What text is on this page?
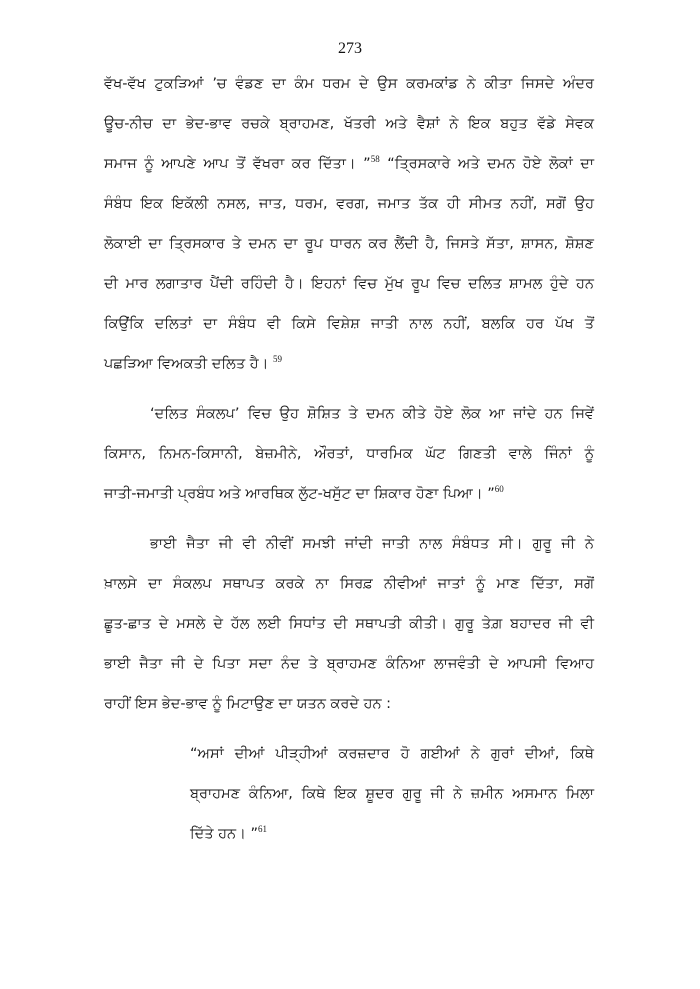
273
ਵੱਖ-ਵੱਖ ਟੁਕੜਿਆਂ ’ਚ ਵੰਡਣ ਦਾ ਕੰਮ ਧਰਮ ਦੇ ਉਸ ਕਰਮਕਾਂਡ ਨੇ ਕੀਤਾ ਜਿਸਦੇ ਅੰਦਰ
ਊਚ-ਨੀਚ ਦਾ ਭੇਦ-ਭਾਵ ਰਚਕੇ ਬ੍ਰਾਹਮਣ, ਖੱਤਰੀ ਅਤੇ ਵੈਸ਼ਾਂ ਨੇ ਇਕ ਬਹੁਤ ਵੱਡੇ ਸੇਵਕ
ਸਮਾਜ ਨੂੰ ਆਪਣੇ ਆਪ ਤੋਂ ਵੱਖਰਾ ਕਰ ਦਿੱਤਾ। ”$^{58}$ “ਤ੍ਰਿਸਕਾਰੇ ਅਤੇ ਦਮਨ ਹੋਏ ਲੋਕਾਂ ਦਾ
ਸੰਬੰਧ ਇਕ ਇਕੱਲੀ ਨਸਲ, ਜਾਤ, ਧਰਮ, ਵਰਗ, ਜਮਾਤ ਤੱਕ ਹੀ ਸੀਮਤ ਨਹੀਂ, ਸਗੋਂ ਉਹ
ਲੋਕਾਈ ਦਾ ਤ੍ਰਿਸਕਾਰ ਤੇ ਦਮਨ ਦਾ ਰੂਪ ਧਾਰਨ ਕਰ ਲੈਂਦੀ ਹੈ, ਜਿਸਤੇ ਸੱਤਾ, ਸ਼ਾਸਨ, ਸ਼ੋਸ਼ਣ
ਦੀ ਮਾਰ ਲਗਾਤਾਰ ਪੈਂਦੀ ਰਹਿੰਦੀ ਹੈ। ਇਹਨਾਂ ਵਿਚ ਮੁੱਖ ਰੂਪ ਵਿਚ ਦਲਿਤ ਸ਼ਾਮਲ ਹੁੰਦੇ ਹਨ
ਕਿਉਂਕਿ ਦਲਿਤਾਂ ਦਾ ਸੰਬੰਧ ਵੀ ਕਿਸੇ ਵਿਸ਼ੇਸ਼ ਜਾਤੀ ਨਾਲ ਨਹੀਂ, ਬਲਕਿ ਹਰ ਪੱਖ ਤੋਂ
ਪਛੜਿਆ ਵਿਅਕਤੀ ਦਲਿਤ ਹੈ। $^{59}$
‘ਦਲਿਤ ਸੰਕਲਪ’ ਵਿਚ ਉਹ ਸ਼ੋਸ਼ਿਤ ਤੇ ਦਮਨ ਕੀਤੇ ਹੋਏ ਲੋਕ ਆ ਜਾਂਦੇ ਹਨ ਜਿਵੇਂ
ਕਿਸਾਨ, ਨਿਮਨ-ਕਿਸਾਨੀ, ਬੇਜ਼ਮੀਨੇ, ਔਰਤਾਂ, ਧਾਰਮਿਕ ਘੱਟ ਗਿਣਤੀ ਵਾਲੇ ਜਿੰਨਾਂ ਨੂੰ
ਜਾਤੀ-ਜਮਾਤੀ ਪ੍ਰਬੰਧ ਅਤੇ ਆਰਥਿਕ ਲੁੱਟ-ਖਸੁੱਟ ਦਾ ਸ਼ਿਕਾਰ ਹੋਣਾ ਪਿਆ। ”$^{60}$
ਭਾਈ ਜੈਤਾ ਜੀ ਵੀ ਨੀਵੀਂ ਸਮਝੀ ਜਾਂਦੀ ਜਾਤੀ ਨਾਲ ਸੰਬੰਧਤ ਸੀ। ਗੁਰੂ ਜੀ ਨੇ
ਖ਼ਾਲਸੇ ਦਾ ਸੰਕਲਪ ਸਥਾਪਤ ਕਰਕੇ ਨਾ ਸਿਰਫ਼ ਨੀਵੀਆਂ ਜਾਤਾਂ ਨੂੰ ਮਾਣ ਦਿੱਤਾ, ਸਗੋਂ
ਛੂਤ-ਛਾਤ ਦੇ ਮਸਲੇ ਦੇ ਹੱਲ ਲਈ ਸਿਧਾਂਤ ਦੀ ਸਥਾਪਤੀ ਕੀਤੀ। ਗੁਰੂ ਤੇਗ਼ ਬਹਾਦਰ ਜੀ ਵੀ
ਭਾਈ ਜੈਤਾ ਜੀ ਦੇ ਪਿਤਾ ਸਦਾ ਨੰਦ ਤੇ ਬ੍ਰਾਹਮਣ ਕੰਨਿਆ ਲਾਜਵੰਤੀ ਦੇ ਆਪਸੀ ਵਿਆਹ
ਰਾਹੀਂ ਇਸ ਭੇਦ-ਭਾਵ ਨੂੰ ਮਿਟਾਉਣ ਦਾ ਯਤਨ ਕਰਦੇ ਹਨ :
“ਅਸਾਂ ਦੀਆਂ ਪੀੜ੍ਹੀਆਂ ਕਰਜ਼ਦਾਰ ਹੋ ਗਈਆਂ ਨੇ ਗੁਰਾਂ ਦੀਆਂ, ਕਿਥੇ
ਬ੍ਰਾਹਮਣ ਕੰਨਿਆ, ਕਿਥੇ ਇਕ ਸ਼ੂਦਰ ਗੁਰੂ ਜੀ ਨੇ ਜ਼ਮੀਨ ਅਸਮਾਨ ਮਿਲਾ
ਦਿੱਤੇ ਹਨ। ”$^{61}$
